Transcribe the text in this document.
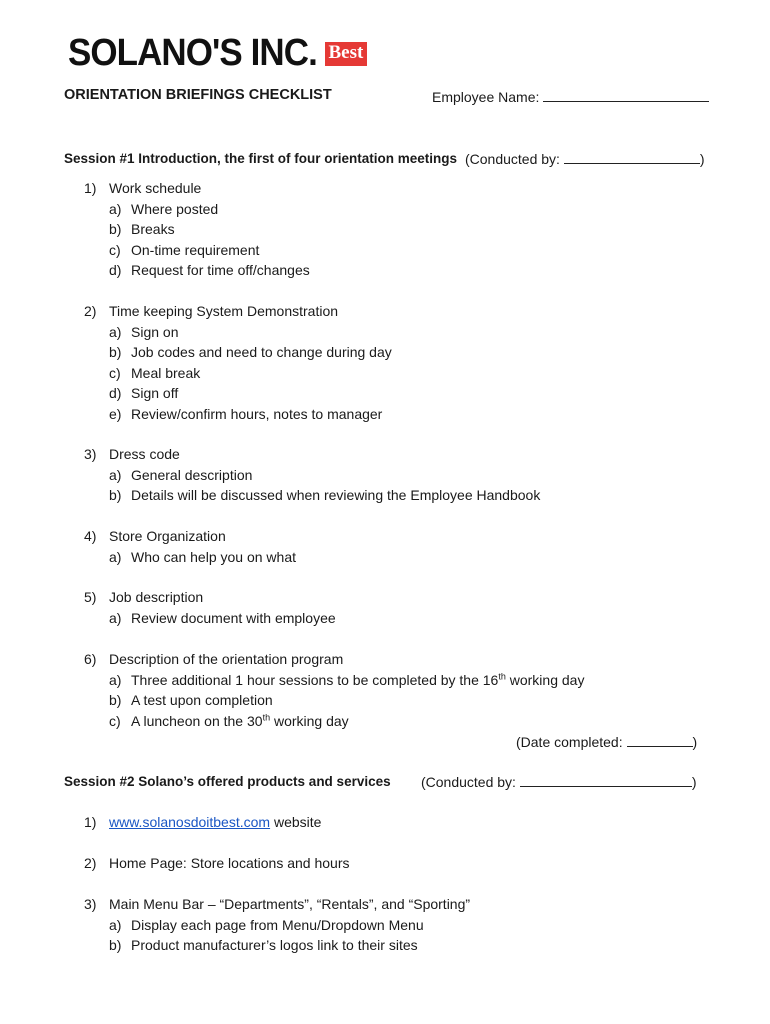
SOLANO'S INC. Best
ORIENTATION BRIEFINGS CHECKLIST	Employee Name:
Session #1 Introduction, the first of four orientation meetings (Conducted by:	)
1) Work schedule
a) Where posted
b) Breaks
c) On-time requirement
d) Request for time off/changes
2) Time keeping System Demonstration
a) Sign on
b) Job codes and need to change during day
c) Meal break
d) Sign off
e) Review/confirm hours, notes to manager
3) Dress code
a) General description
b) Details will be discussed when reviewing the Employee Handbook
4) Store Organization
a) Who can help you on what
5) Job description
a) Review document with employee
6) Description of the orientation program
a) Three additional 1 hour sessions to be completed by the 16th working day
b) A test upon completion
c) A luncheon on the 30th working day
(Date completed:	)
Session #2 Solano’s offered products and services (Conducted by:	)
1) www.solanosdoitbest.com website
2) Home Page: Store locations and hours
3) Main Menu Bar – “Departments”, “Rentals”, and “Sporting”
a) Display each page from Menu/Dropdown Menu
b) Product manufacturer’s logos link to their sites
